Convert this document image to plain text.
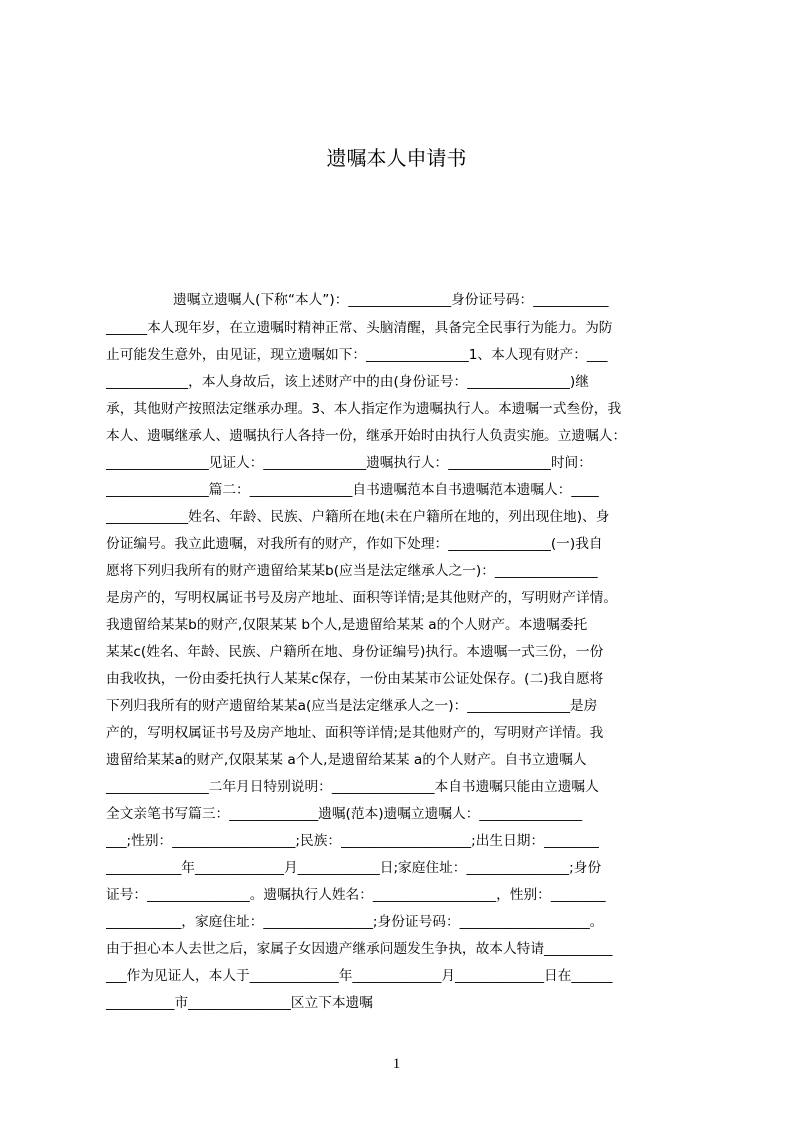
遗嘱本人申请书
遗嘱立遗嘱人(下称“本人”)：_______________身份证号码：___________
______本人现年岁，在立遗嘱时精神正常、头脑清醒，具备完全民事行为能力。为防
止可能发生意外，由见证，现立遗嘱如下：_______________1、本人现有财产：___
____________，本人身故后，该上述财产中的由(身份证号：_______________)继
承，其他财产按照法定继承办理。3、本人指定作为遗嘱执行人。本遗嘱一式叁份，我
本人、遗嘱继承人、遗嘱执行人各持一份，继承开始时由执行人负责实施。立遗嘱人：
_______________见证人：_______________遗嘱执行人：_______________时间：
_______________篇二：_______________自书遗嘱范本自书遗嘱范本遗嘱人：____
____________姓名、年龄、民族、户籍所在地(未在户籍所在地的，列出现住地)、身
份证编号。我立此遗嘱，对我所有的财产，作如下处理：_______________(一)我自
愿将下列归我所有的财产遗留给某某b(应当是法定继承人之一)：_______________
是房产的，写明权属证书号及房产地址、面积等详情;是其他财产的，写明财产详情。
我遗留给某某b的财产,仅限某某 b个人,是遗留给某某 a的个人财产。本遗嘱委托
某某c(姓名、年龄、民族、户籍所在地、身份证编号)执行。本遗嘱一式三份，一份
由我收执，一份由委托执行人某某c保存，一份由某某市公证处保存。(二)我自愿将
下列归我所有的财产遗留给某某a(应当是法定继承人之一)：_______________是房
产的，写明权属证书号及房产地址、面积等详情;是其他财产的，写明财产详情。我
遗留给某某a的财产,仅限某某 a个人,是遗留给某某 a的个人财产。自书立遗嘱人
_______________二年月日特别说明：_______________本自书遗嘱只能由立遗嘱人
全文亲笔书写篇三：_____________遗嘱(范本)遗嘱立遗嘱人：_______________
___;性别：__________________;民族：___________________;出生日期：________
___________年_____________月____________日;家庭住址：_______________;身份
证号：_______________。遗嘱执行人姓名：__________________，性别：________
___________，家庭住址：________________;身份证号码：___________________。
由于担心本人去世之后，家属子女因遗产继承问题发生争执，故本人特请__________
___作为见证人，本人于_____________年_____________月_____________日在______
__________市_______________区立下本遗嘱
1
